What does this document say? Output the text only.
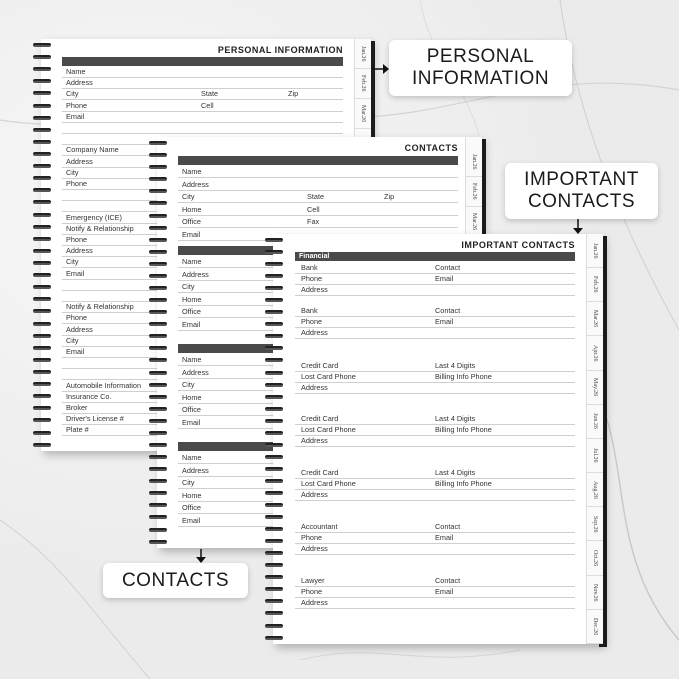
PERSONAL INFORMATION
Name
Address
City	State	Zip
Phone	Cell
Email
Company Name
Address
City
Phone
Emergency (ICE)
Notify & Relationship
Phone
Address
City
Email
Notify & Relationship
Phone
Address
City
Email
Automobile Information
Insurance Co.
Broker
Driver's License #
Plate #
Jan.26
Feb.26
Mar.26
CONTACTS
Name
Address
City	State	Zip
Home	Cell
Office	Fax
Email
Name
Address
City
Home
Office
Email
Name
Address
City
Home
Office
Email
Name
Address
City
Home
Office
Email
Jan.26
Feb.26
Mar.26
IMPORTANT CONTACTS
Financial
Bank	Contact
Phone	Email
Address
Bank	Contact
Phone	Email
Address
Credit Card	Last 4 Digits
Lost Card Phone	Billing Info Phone
Address
Credit Card	Last 4 Digits
Lost Card Phone	Billing Info Phone
Address
Credit Card	Last 4 Digits
Lost Card Phone	Billing Info Phone
Address
Accountant	Contact
Phone	Email
Address
Lawyer	Contact
Phone	Email
Address
Jan.26
Feb.26
Mar.26
Apr.26
May.26
Jun.26
Jul.26
Aug.26
Sep.26
Oct.26
Nov.26
Dec.26
PERSONAL
INFORMATION
IMPORTANT
CONTACTS
CONTACTS
